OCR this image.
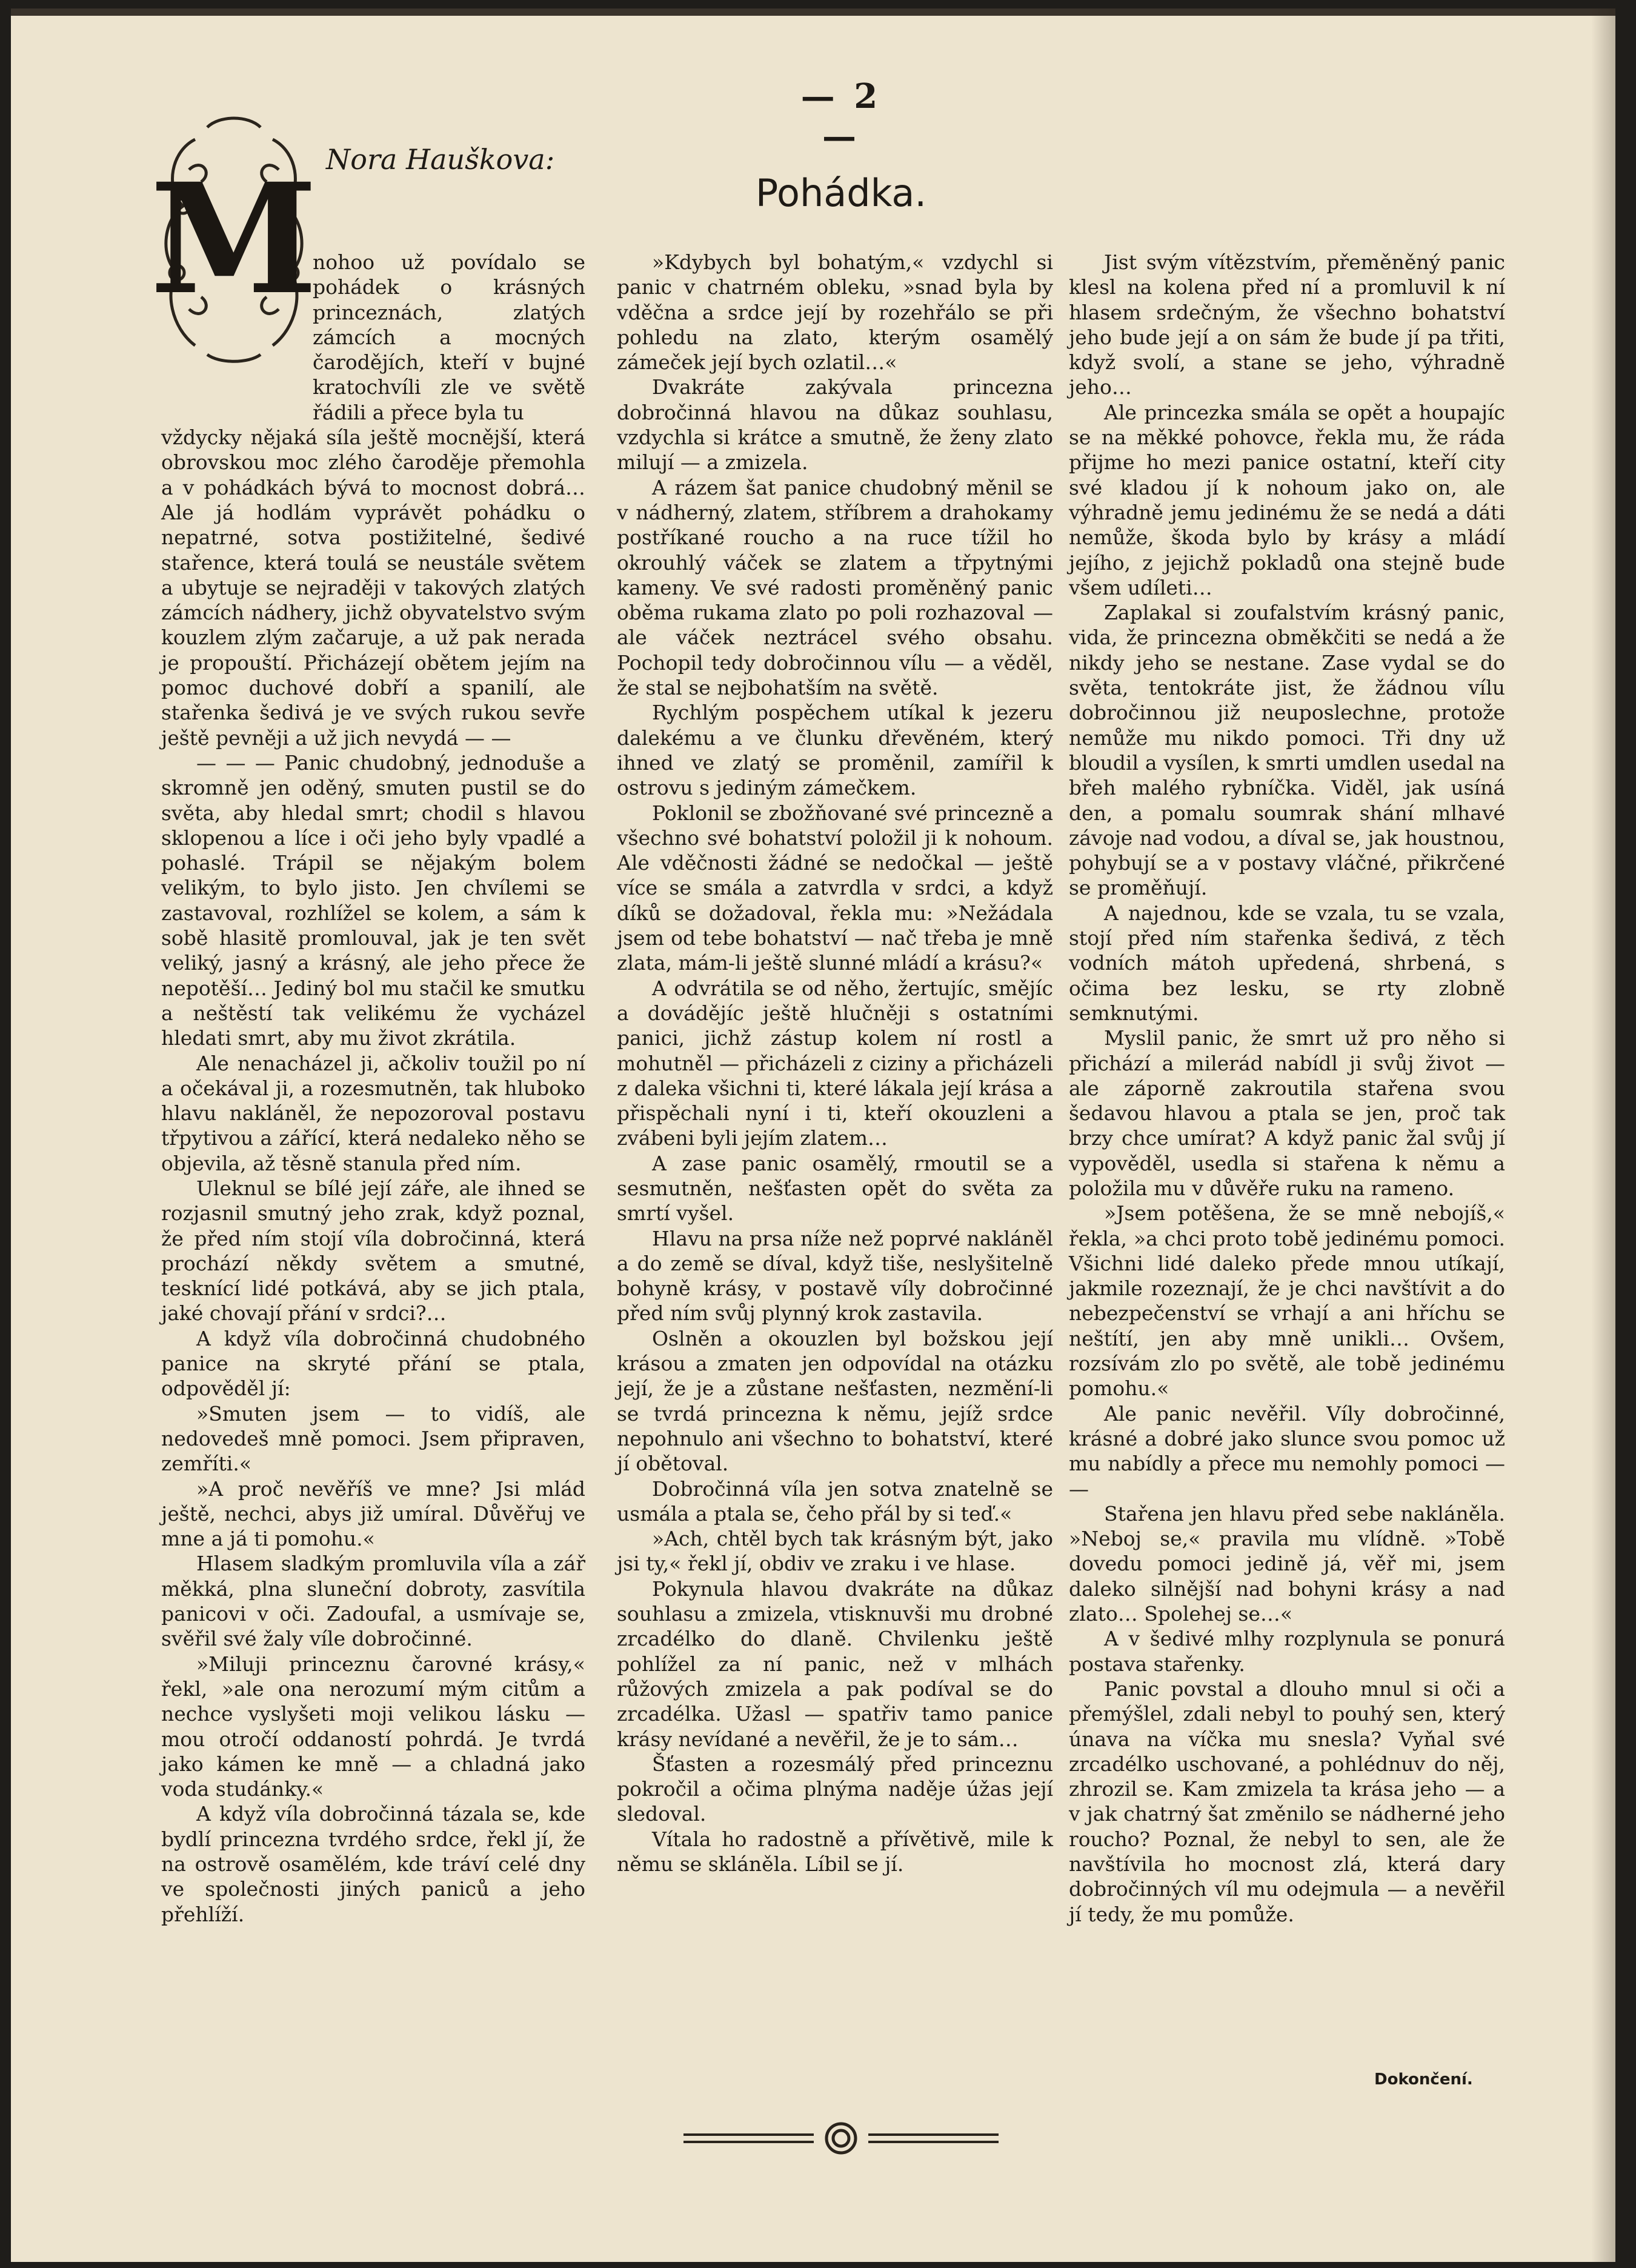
— 2 —
Nora Hauškova:
Pohádka.
M

nohoo už povídalo se pohádek o krásných princeznách, zlatých zámcích a mocných čarodějích, kteří v bujné kratochvíli zle ve světě řádili a přece byla tu

vždycky nějaká síla ještě mocnější, která obrovskou moc zlého čaroděje přemohla a v pohádkách bývá to mocnost dobrá… Ale já hodlám vyprávět pohádku o nepatrné, sotva postižitelné, šedivé stařence, která toulá se neustále světem a ubytuje se nejraději v takových zlatých zámcích nádhery, jichž obyvatelstvo svým kouzlem zlým začaruje, a už pak nerada je propouští. Přicházejí obětem jejím na pomoc duchové dobří a spanilí, ale stařenka šedivá je ve svých rukou sevře ještě pevněji a už jich nevydá — —

— — — Panic chudobný, jednoduše a skromně jen oděný, smuten pustil se do světa, aby hledal smrt; chodil s hlavou sklopenou a líce i oči jeho byly vpadlé a pohaslé. Trápil se nějakým bolem velikým, to bylo jisto. Jen chvílemi se zastavoval, rozhlížel se kolem, a sám k sobě hlasitě promlouval, jak je ten svět veliký, jasný a krásný, ale jeho přece že nepotěší… Jediný bol mu stačil ke smutku a neštěstí tak velikému že vycházel hledati smrt, aby mu život zkrátila.

Ale nenacházel ji, ačkoliv toužil po ní a očekával ji, a rozesmutněn, tak hluboko hlavu nakláněl, že nepozoroval postavu třpytivou a zářící, která nedaleko něho se objevila, až těsně stanula před ním.

Uleknul se bílé její záře, ale ihned se rozjasnil smutný jeho zrak, když poznal, že před ním stojí víla dobročinná, která prochází někdy světem a smutné, tesknící lidé potkává, aby se jich ptala, jaké chovají přání v srdci?…

A když víla dobročinná chudobného panice na skryté přání se ptala, odpověděl jí:

»Smuten jsem — to vidíš, ale nedovedeš mně pomoci. Jsem připraven, zemříti.«

»A proč nevěříš ve mne? Jsi mlád ještě, nechci, abys již umíral. Důvěřuj ve mne a já ti pomohu.«

Hlasem sladkým promluvila víla a zář měkká, plna sluneční dobroty, zasvítila panicovi v oči. Zadoufal, a usmívaje se, svěřil své žaly víle dobročinné.

»Miluji princeznu čarovné krásy,« řekl, »ale ona nerozumí mým citům a nechce vyslyšeti moji velikou lásku — mou otročí oddaností pohrdá. Je tvrdá jako kámen ke mně — a chladná jako voda studánky.«

A když víla dobročinná tázala se, kde bydlí princezna tvrdého srdce, řekl jí, že na ostrově osamělém, kde tráví celé dny ve společnosti jiných paniců a jeho přehlíží.

»Kdybych byl bohatým,« vzdychl si panic v chatrném obleku, »snad byla by vděčna a srdce její by rozehřálo se při pohledu na zlato, kterým osamělý zámeček její bych ozlatil…«

Dvakráte zakývala princezna dobročinná hlavou na důkaz souhlasu, vzdychla si krátce a smutně, že ženy zlato milují — a zmizela.

A rázem šat panice chudobný měnil se v nádherný, zlatem, stříbrem a drahokamy postříkané roucho a na ruce tížil ho okrouhlý váček se zlatem a třpytnými kameny. Ve své radosti proměněný panic oběma rukama zlato po poli rozhazoval — ale váček neztrácel svého obsahu. Pochopil tedy dobročinnou vílu — a věděl, že stal se nejbohatším na světě.

Rychlým pospěchem utíkal k jezeru dalekému a ve člunku dřevěném, který ihned ve zlatý se proměnil, zamířil k ostrovu s jediným zámečkem.

Poklonil se zbožňované své princezně a všechno své bohatství položil ji k nohoum. Ale vděčnosti žádné se nedočkal — ještě více se smála a zatvrdla v srdci, a když díků se dožadoval, řekla mu: »Nežádala jsem od tebe bohatství — nač třeba je mně zlata, mám-li ještě slunné mládí a krásu?«

A odvrátila se od něho, žertujíc, smějíc a dovádějíc ještě hlučněji s ostatními panici, jichž zástup kolem ní rostl a mohutněl — přicházeli z ciziny a přicházeli z daleka všichni ti, které lákala její krása a přispěchali nyní i ti, kteří okouzleni a zvábeni byli jejím zlatem…

A zase panic osamělý, rmoutil se a sesmutněn, nešťasten opět do světa za smrtí vyšel.

Hlavu na prsa níže než poprvé nakláněl a do země se díval, když tiše, neslyšitelně bohyně krásy, v postavě víly dobročinné před ním svůj plynný krok zastavila.

Oslněn a okouzlen byl božskou její krásou a zmaten jen odpovídal na otázku její, že je a zůstane nešťasten, nezmění-li se tvrdá princezna k němu, jejíž srdce nepohnulo ani všechno to bohatství, které jí obětoval.

Dobročinná víla jen sotva znatelně se usmála a ptala se, čeho přál by si teď.«

»Ach, chtěl bych tak krásným být, jako jsi ty,« řekl jí, obdiv ve zraku i ve hlase.

Pokynula hlavou dvakráte na důkaz souhlasu a zmizela, vtisknuvši mu drobné zrcadélko do dlaně. Chvilenku ještě pohlížel za ní panic, než v mlhách růžových zmizela a pak podíval se do zrcadélka. Užasl — spatřiv tamo panice krásy nevídané a nevěřil, že je to sám…

Šťasten a rozesmálý před princeznu pokročil a očima plnýma naděje úžas její sledoval.

Vítala ho radostně a přívětivě, mile k němu se skláněla. Líbil se jí.

Jist svým vítězstvím, přeměněný panic klesl na kolena před ní a promluvil k ní hlasem srdečným, že všechno bohatství jeho bude její a on sám že bude jí pa třiti, když svolí, a stane se jeho, výhradně jeho…

Ale princezka smála se opět a houpajíc se na měkké pohovce, řekla mu, že ráda přijme ho mezi panice ostatní, kteří city své kladou jí k nohoum jako on, ale výhradně jemu jedinému že se nedá a dáti nemůže, škoda bylo by krásy a mládí jejího, z jejichž pokladů ona stejně bude všem udíleti…

Zaplakal si zoufalstvím krásný panic, vida, že princezna obměkčiti se nedá a že nikdy jeho se nestane. Zase vydal se do světa, tentokráte jist, že žádnou vílu dobročinnou již neuposlechne, protože nemůže mu nikdo pomoci. Tři dny už bloudil a vysílen, k smrti umdlen usedal na břeh malého rybníčka. Viděl, jak usíná den, a pomalu soumrak shání mlhavé závoje nad vodou, a díval se, jak houstnou, pohybují se a v postavy vláčné, přikrčené se proměňují.

A najednou, kde se vzala, tu se vzala, stojí před ním stařenka šedivá, z těch vodních mátoh upředená, shrbená, s očima bez lesku, se rty zlobně semknutými.

Myslil panic, že smrt už pro něho si přichází a milerád nabídl ji svůj život — ale záporně zakroutila stařena svou šedavou hlavou a ptala se jen, proč tak brzy chce umírat? A když panic žal svůj jí vypověděl, usedla si stařena k němu a položila mu v důvěře ruku na rameno.

»Jsem potěšena, že se mně nebojíš,« řekla, »a chci proto tobě jedinému pomoci. Všichni lidé daleko přede mnou utíkají, jakmile rozeznají, že je chci navštívit a do nebezpečenství se vrhají a ani hříchu se neštítí, jen aby mně unikli… Ovšem, rozsívám zlo po světě, ale tobě jedinému pomohu.«

Ale panic nevěřil. Víly dobročinné, krásné a dobré jako slunce svou pomoc už mu nabídly a přece mu nemohly pomoci — —

Stařena jen hlavu před sebe nakláněla. »Neboj se,« pravila mu vlídně. »Tobě dovedu pomoci jedině já, věř mi, jsem daleko silnější nad bohyni krásy a nad zlato… Spolehej se…«

A v šedivé mlhy rozplynula se ponurá postava stařenky.

Panic povstal a dlouho mnul si oči a přemýšlel, zdali nebyl to pouhý sen, který únava na víčka mu snesla? Vyňal své zrcadélko uschované, a pohlédnuv do něj, zhrozil se. Kam zmizela ta krása jeho — a v jak chatrný šat změnilo se nádherné jeho roucho? Poznal, že nebyl to sen, ale že navštívila ho mocnost zlá, která dary dobročinných víl mu odejmula — a nevěřil jí tedy, že mu pomůže.

Dokončení.
